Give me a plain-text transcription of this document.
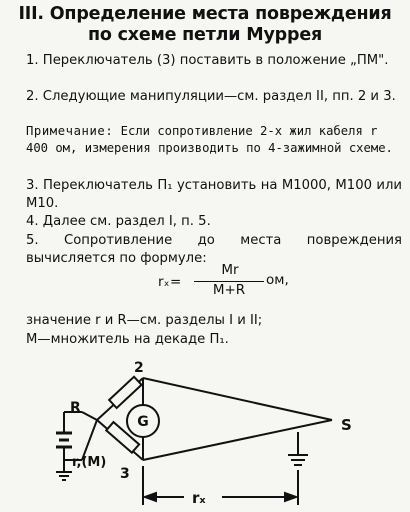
III. Определение места повреждения
по схеме петли Муррея
1. Переключатель (3) поставить в положение „ПМ".
2. Следующие манипуляции—см. раздел II, пп. 2 и 3.
Примечание: Если сопротивление 2-х жил кабеля r 400 ом, измерения производить по 4-зажимной схеме.
3. Переключатель П₁ установить на М1000, М100 или М10.
4. Далее см. раздел I, п. 5.
5. Сопротивление до места повреждения вычисляется по формуле:
rₓ =
Mr
M+R
ом,
значение r и R—см. разделы I и II;
М—множитель на декаде П₁.
G
R
r,(M)
2
3
S
rₓ
